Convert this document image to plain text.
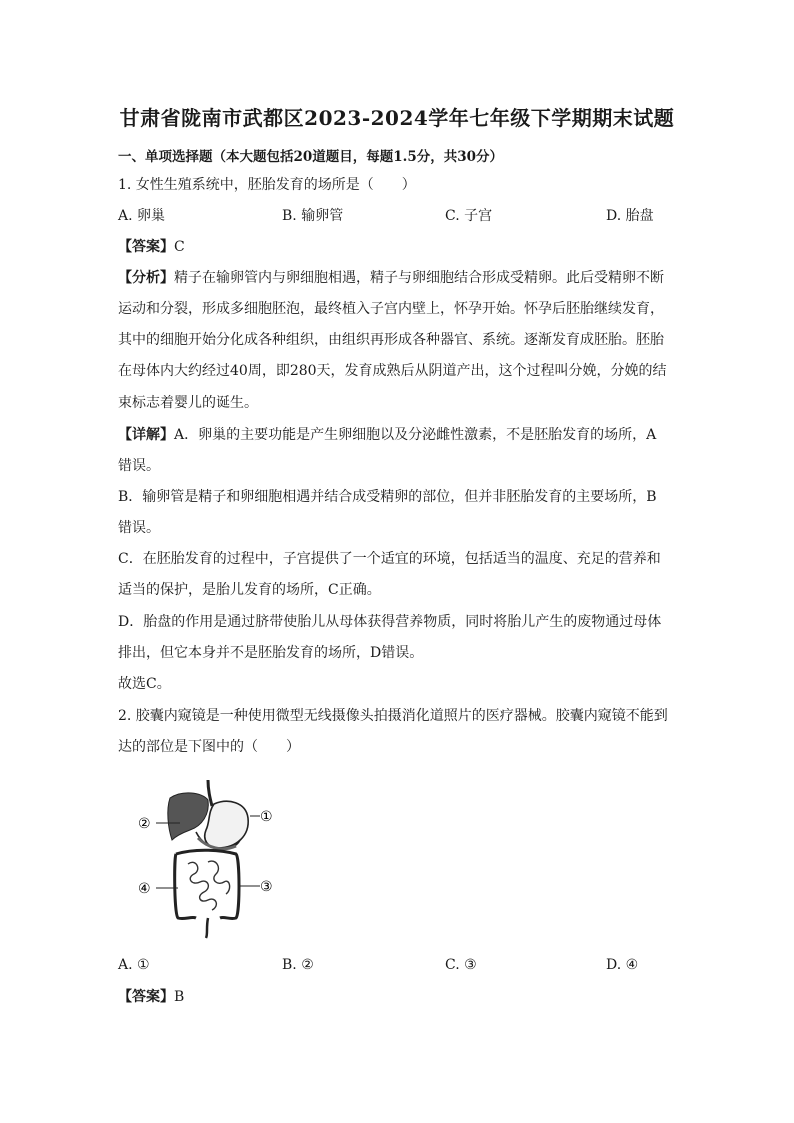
甘肃省陇南市武都区2023-2024学年七年级下学期期末试题
一、单项选择题（本大题包括20道题目，每题1.5分，共30分）
1. 女性生殖系统中，胚胎发育的场所是（　　）
A. 卵巢	B. 输卵管	C. 子宫	D. 胎盘
【答案】C
【分析】精子在输卵管内与卵细胞相遇，精子与卵细胞结合形成受精卵。此后受精卵不断
运动和分裂，形成多细胞胚泡，最终植入子宫内壁上，怀孕开始。怀孕后胚胎继续发育，
其中的细胞开始分化成各种组织，由组织再形成各种器官、系统。逐渐发育成胚胎。胚胎
在母体内大约经过40周，即280天，发育成熟后从阴道产出，这个过程叫分娩，分娩的结
束标志着婴儿的诞生。
【详解】A．卵巢的主要功能是产生卵细胞以及分泌雌性激素，不是胚胎发育的场所，A
错误。
B．输卵管是精子和卵细胞相遇并结合成受精卵的部位，但并非胚胎发育的主要场所，B
错误。
C．在胚胎发育的过程中，子宫提供了一个适宜的环境，包括适当的温度、充足的营养和
适当的保护，是胎儿发育的场所，C正确。
D．胎盘的作用是通过脐带使胎儿从母体获得营养物质，同时将胎儿产生的废物通过母体
排出，但它本身并不是胚胎发育的场所，D错误。
故选C。
2. 胶囊内窥镜是一种使用微型无线摄像头拍摄消化道照片的医疗器械。胶囊内窥镜不能到
达的部位是下图中的（　　）
①
②
③
④
A. ①	B. ②	C. ③	D. ④
【答案】B
